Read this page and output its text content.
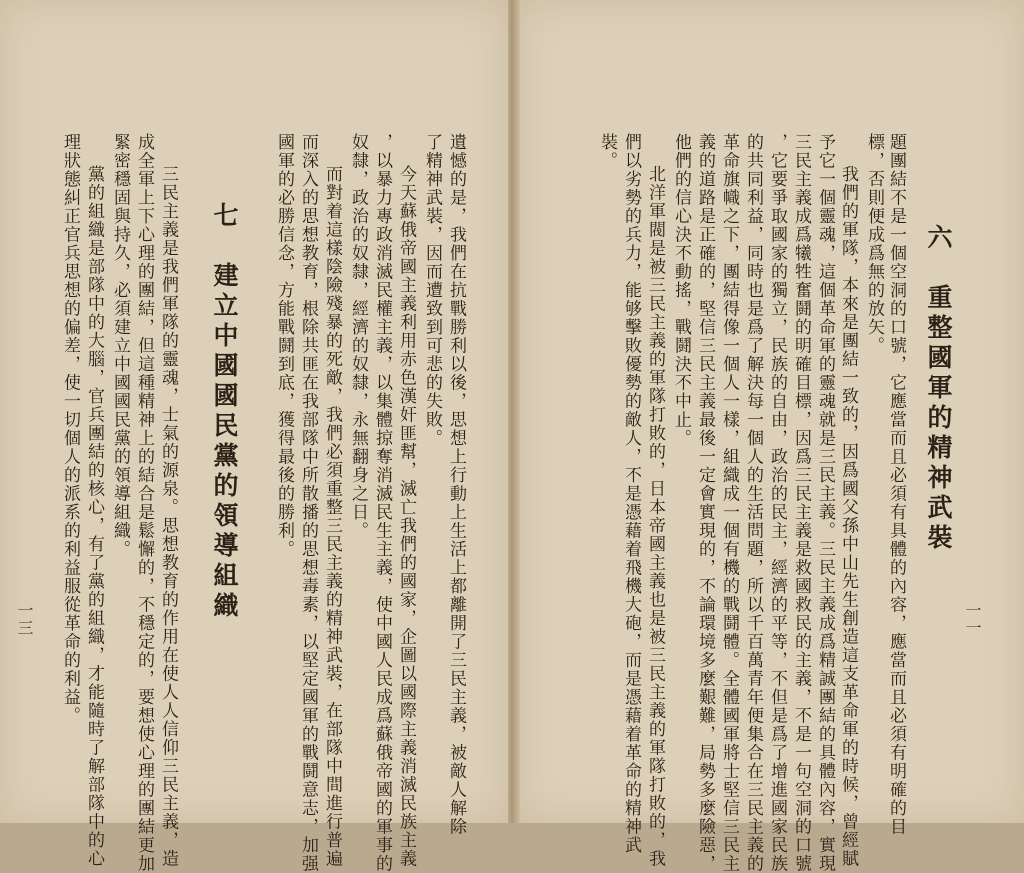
一一
六　重整國軍的精神武裝
題團結不是一個空洞的口號，它應當而且必須有具體的內容，應當而且必須有明確的目
標，否則便成爲無的放矢。
我們的軍隊，本來是團結一致的，因爲國父孫中山先生創造這支革命軍的時候，曾經賦
予它一個靈魂，這個革命軍的靈魂就是三民主義。三民主義成爲精誠團結的具體內容，實現
三民主義成爲犧牲奮鬪的明確目標，因爲三民主義是救國救民的主義，不是一句空洞的口號
，它要爭取國家的獨立，民族的自由，政治的民主，經濟的平等，不但是爲了增進國家民族
的共同利益，同時也是爲了解決每一個人的生活問題，所以千百萬青年便集合在三民主義的
革命旗幟之下，團結得像一個人一樣，組織成一個有機的戰鬪體。全體國軍將士堅信三民主
義的道路是正確的，堅信三民主義最後一定會實現的，不論環境多麼艱難，局勢多麼險惡，
他們的信心決不動搖，戰鬪決不中止。
北洋軍閥是被三民主義的軍隊打敗的，日本帝國主義也是被三民主義的軍隊打敗的，我
們以劣勢的兵力，能够擊敗優勢的敵人，不是憑藉着飛機大砲，而是憑藉着革命的精神武
裝。
一三	遺憾的是，我們在抗戰勝利以後，思想上行動上生活上都離開了三民主義，被敵人解除
了精神武裝，因而遭致到可悲的失敗。
今天蘇俄帝國主義利用赤色漢奸匪幫，滅亡我們的國家，企圖以國際主義消滅民族主義
，以暴力專政消滅民權主義，以集體掠奪消滅民生主義，使中國人民成爲蘇俄帝國的軍事的
奴隸，政治的奴隸，經濟的奴隸，永無翻身之日。
而對着這樣陰險殘暴的死敵，我們必須重整三民主義的精神武裝，在部隊中間進行普遍
而深入的思想教育，根除共匪在我部隊中所散播的思想毒素，以堅定國軍的戰鬪意志，加强
國軍的必勝信念，方能戰鬪到底，獲得最後的勝利。
七　建立中國國民黨的領導組織
三民主義是我們軍隊的靈魂，士氣的源泉。思想教育的作用在使人人信仰三民主義，造
成全軍上下心理的團結，但這種精神上的結合是鬆懈的，不穩定的，要想使心理的團結更加
緊密穩固與持久，必須建立中國國民黨的領導組織。
黨的組織是部隊中的大腦，官兵團結的核心，有了黨的組織，才能隨時了解部隊中的心
理狀態糾正官兵思想的偏差，使一切個人的派系的利益服從革命的利益。
